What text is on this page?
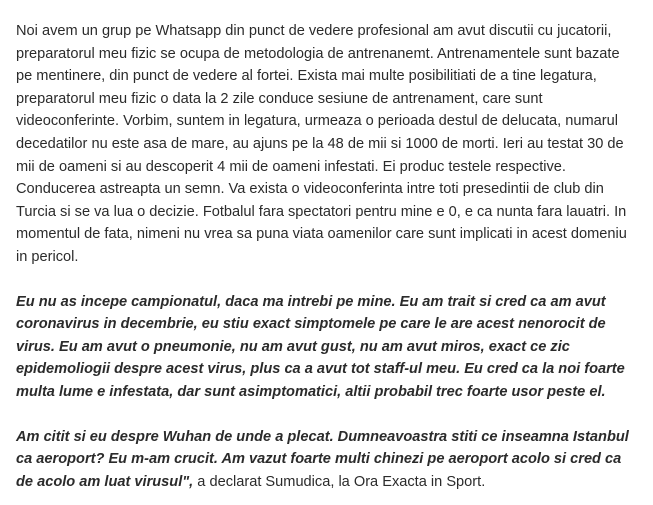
Noi avem un grup pe Whatsapp din punct de vedere profesional am avut discutii cu jucatorii, preparatorul meu fizic se ocupa de metodologia de antrenanemt. Antrenamentele sunt bazate pe mentinere, din punct de vedere al fortei. Exista mai multe posibilitiati de a tine legatura, preparatorul meu fizic o data la 2 zile conduce sesiune de antrenament, care sunt videoconferinte. Vorbim, suntem in legatura, urmeaza o perioada destul de delucata, numarul decedatilor nu este asa de mare, au ajuns pe la 48 de mii si 1000 de morti. Ieri au testat 30 de mii de oameni si au descoperit 4 mii de oameni infestati. Ei produc testele respective. Conducerea astreapta un semn. Va exista o videoconferinta intre toti presedintii de club din Turcia si se va lua o decizie. Fotbalul fara spectatori pentru mine e 0, e ca nunta fara lauatri. In momentul de fata, nimeni nu vrea sa puna viata oamenilor care sunt implicati in acest domeniu in pericol.

Eu nu as incepe campionatul, daca ma intrebi pe mine. Eu am trait si cred ca am avut coronavirus in decembrie, eu stiu exact simptomele pe care le are acest nenorocit de virus. Eu am avut o pneumonie, nu am avut gust, nu am avut miros, exact ce zic epidemoliogii despre acest virus, plus ca a avut tot staff-ul meu. Eu cred ca la noi foarte multa lume e infestata, dar sunt asimptomatici, altii probabil trec foarte usor peste el.

Am citit si eu despre Wuhan de unde a plecat. Dumneavoastra stiti ce inseamna Istanbul ca aeroport? Eu m-am crucit. Am vazut foarte multi chinezi pe aeroport acolo si cred ca de acolo am luat virusul", a declarat Sumudica, la Ora Exacta in Sport.
